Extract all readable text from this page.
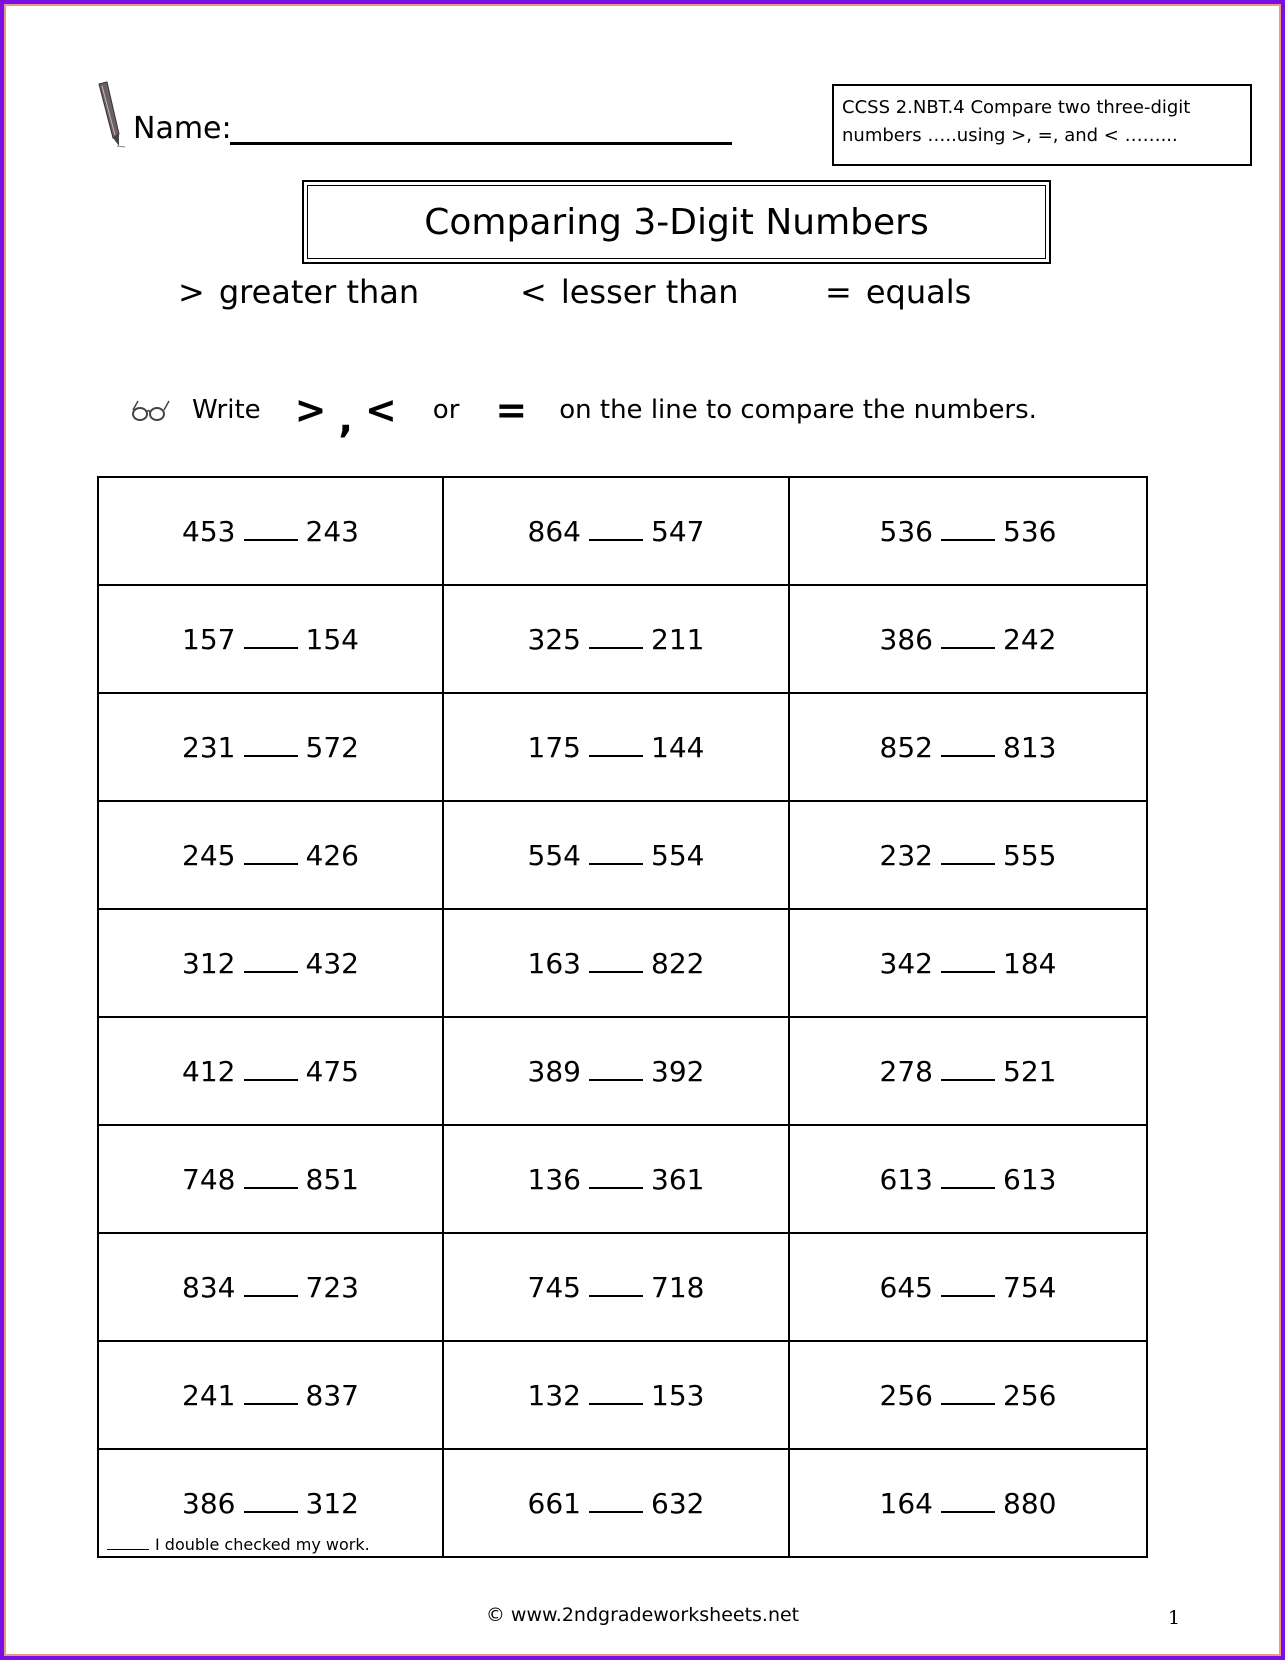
Name:
CCSS 2.NBT.4 Compare two three-digit
numbers …..using >, =, and < ……...
Comparing 3-Digit Numbers
> greater than	< lesser than	= equals
Write > , < or = on the line to compare the numbers.
453 243	864 547	536 536
157 154	325 211	386 242
231 572	175 144	852 813
245 426	554 554	232 555
312 432	163 822	342 184
412 475	389 392	278 521
748 851	136 361	613 613
834 723	745 718	645 754
241 837	132 153	256 256
386 312	661 632	164 880
I double checked my work.
© www.2ndgradeworksheets.net	1
